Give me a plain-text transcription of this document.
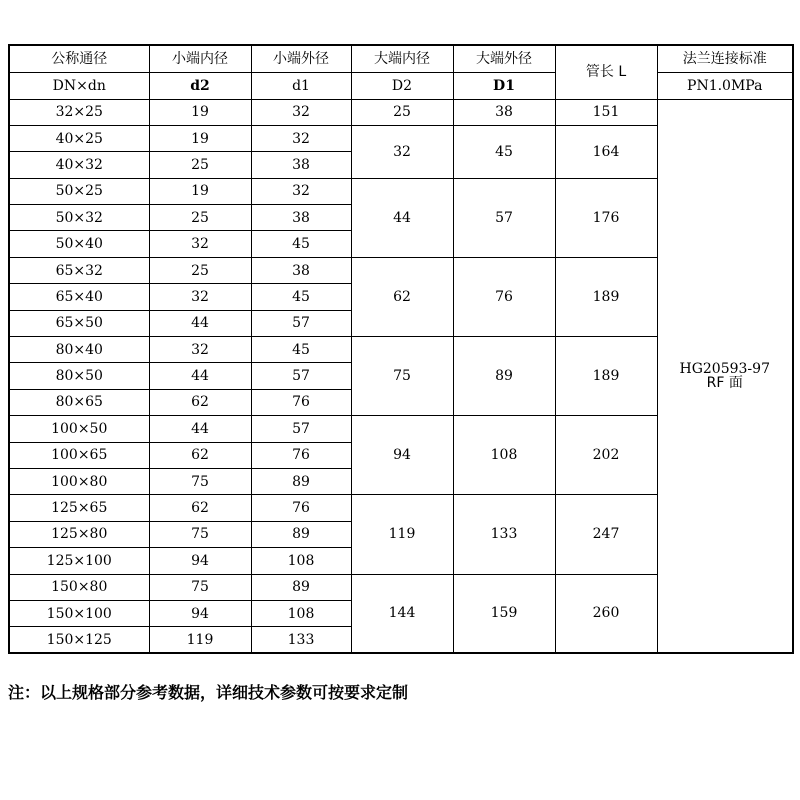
公称通径	小端内径	小端外径	大端内径	大端外径	管长 L	法兰连接标准
DN×dn	d2	d1	D2	D1		PN1.0MPa
32×25	19	32	25	38	151	HG20593-97
RF 面

40×25	19	32	32	45	164	
40×32	25	38				
50×25	19	32	44	57	176	
50×32	25	38				
50×40	32	45				
65×32	25	38	62	76	189	
65×40	32	45				
65×50	44	57				
80×40	32	45	75	89	189	
80×50	44	57				
80×65	62	76				
100×50	44	57	94	108	202	
100×65	62	76				
100×80	75	89				
125×65	62	76	119	133	247	
125×80	75	89				
125×100	94	108				
150×80	75	89	144	159	260	
150×100	94	108				
150×125	119	133				
注：以上规格部分参考数据，详细技术参数可按要求定制
